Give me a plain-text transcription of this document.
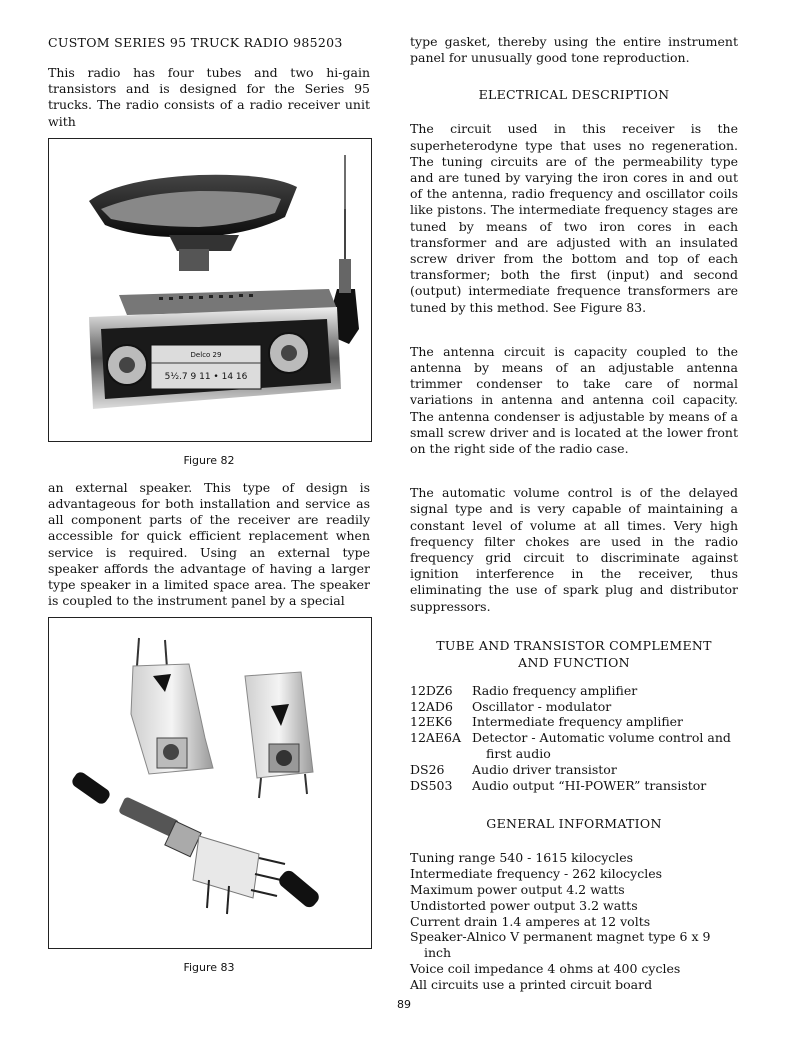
CUSTOM SERIES 95 TRUCK RADIO 985203

This radio has four tubes and two hi-gain transistors and is designed for the Series 95 trucks. The radio consists of a radio receiver unit with

Delco 29
5½.7 9 11 • 14 16
Figure 82

an external speaker. This type of design is advantageous for both installation and service as all component parts of the receiver are readily accessible for quick efficient replacement when service is required. Using an external type speaker affords the advantage of having a larger type speaker in a limited space area. The speaker is coupled to the instrument panel by a special

Figure 83

type gasket, thereby using the entire instrument panel for unusually good tone reproduction.

ELECTRICAL DESCRIPTION

The circuit used in this receiver is the superheterodyne type that uses no regeneration. The tuning circuits are of the permeability type and are tuned by varying the iron cores in and out of the antenna, radio frequency and oscillator coils like pistons. The intermediate frequency stages are tuned by means of two iron cores in each transformer and are adjusted with an insulated screw driver from the bottom and top of each transformer; both the first (input) and second (output) intermediate frequence transformers are tuned by this method. See Figure 83.

The antenna circuit is capacity coupled to the antenna by means of an adjustable antenna trimmer condenser to take care of normal variations in antenna and antenna coil capacity. The antenna condenser is adjustable by means of a small screw driver and is located at the lower front on the right side of the radio case.

The automatic volume control is of the delayed signal type and is very capable of maintaining a constant level of volume at all times. Very high frequency filter chokes are used in the radio frequency grid circuit to discriminate against ignition interference in the receiver, thus eliminating the use of spark plug and distributor suppressors.

TUBE AND TRANSISTOR COMPLEMENT
AND FUNCTION
12DZ6	Radio frequency amplifier
12AD6	Oscillator - modulator
12EK6	Intermediate frequency amplifier
12AE6A Detector - Automatic volume control and first audio
DS26	Audio driver transistor
DS503	Audio output “HI-POWER” transistor
GENERAL INFORMATION
Tuning range 540 - 1615 kilocycles
Intermediate frequency - 262 kilocycles
Maximum power output 4.2 watts
Undistorted power output 3.2 watts
Current drain 1.4 amperes at 12 volts
Speaker-Alnico V permanent magnet type 6 x 9 inch
Voice coil impedance 4 ohms at 400 cycles
All circuits use a printed circuit board
89
